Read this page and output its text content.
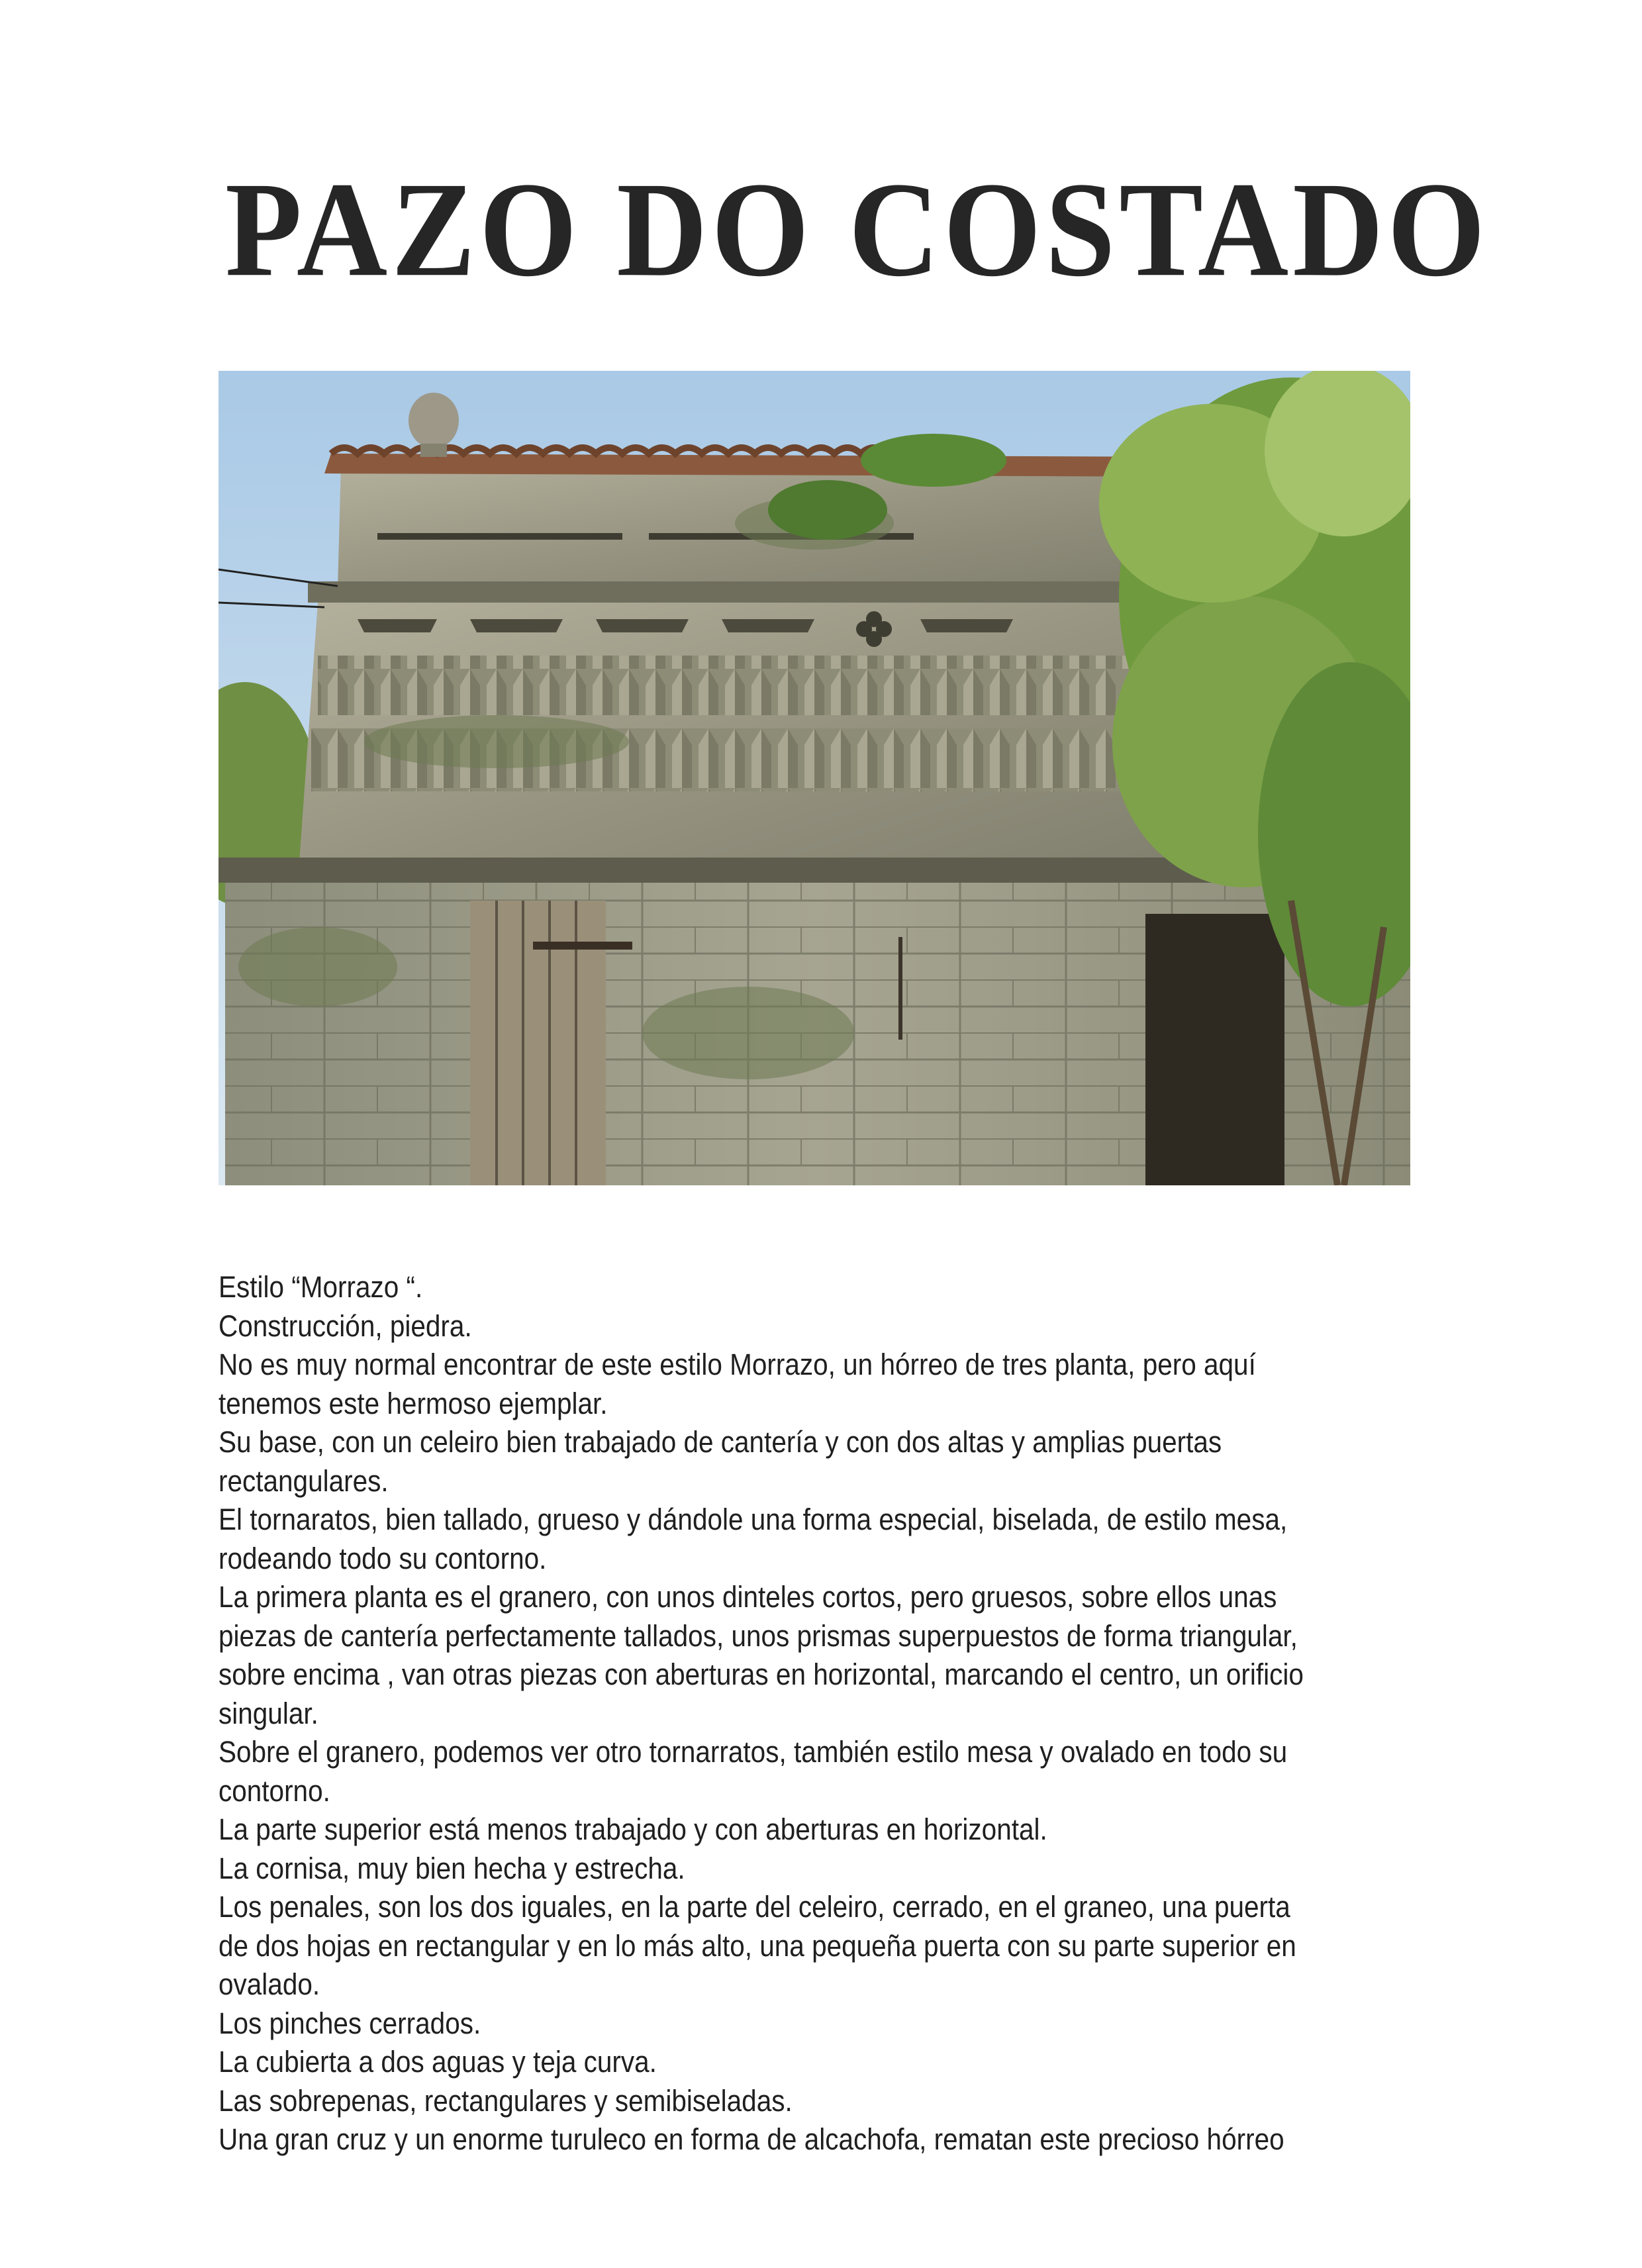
PAZO DO COSTADO

Estilo “Morrazo “.

Construcción, piedra.

No es muy normal encontrar de este estilo Morrazo, un hórreo de tres planta, pero aquí tenemos este hermoso ejemplar.

Su base, con un celeiro bien trabajado de cantería y con dos altas y amplias puertas rectangulares.

El tornaratos, bien tallado, grueso y dándole una forma especial, biselada, de estilo mesa, rodeando todo su contorno.

La primera planta es el granero, con unos dinteles cortos, pero gruesos, sobre ellos unas piezas de cantería perfectamente tallados, unos prismas superpuestos de forma triangular, sobre encima , van otras piezas con aberturas en horizontal, marcando el centro, un orificio singular.

Sobre el granero, podemos ver otro tornarratos, también estilo mesa y ovalado en todo su contorno.

La parte superior está menos trabajado y con aberturas en horizontal.

La cornisa, muy bien hecha y estrecha.

Los penales, son los dos iguales, en la parte del celeiro, cerrado, en el graneo, una puerta de dos hojas en rectangular y en lo más alto, una pequeña puerta con su parte superior en ovalado.

Los pinches cerrados.

La cubierta a dos aguas y teja curva.

Las sobrepenas, rectangulares y semibiseladas.

Una gran cruz y un enorme turuleco en forma de alcachofa, rematan este precioso hórreo
